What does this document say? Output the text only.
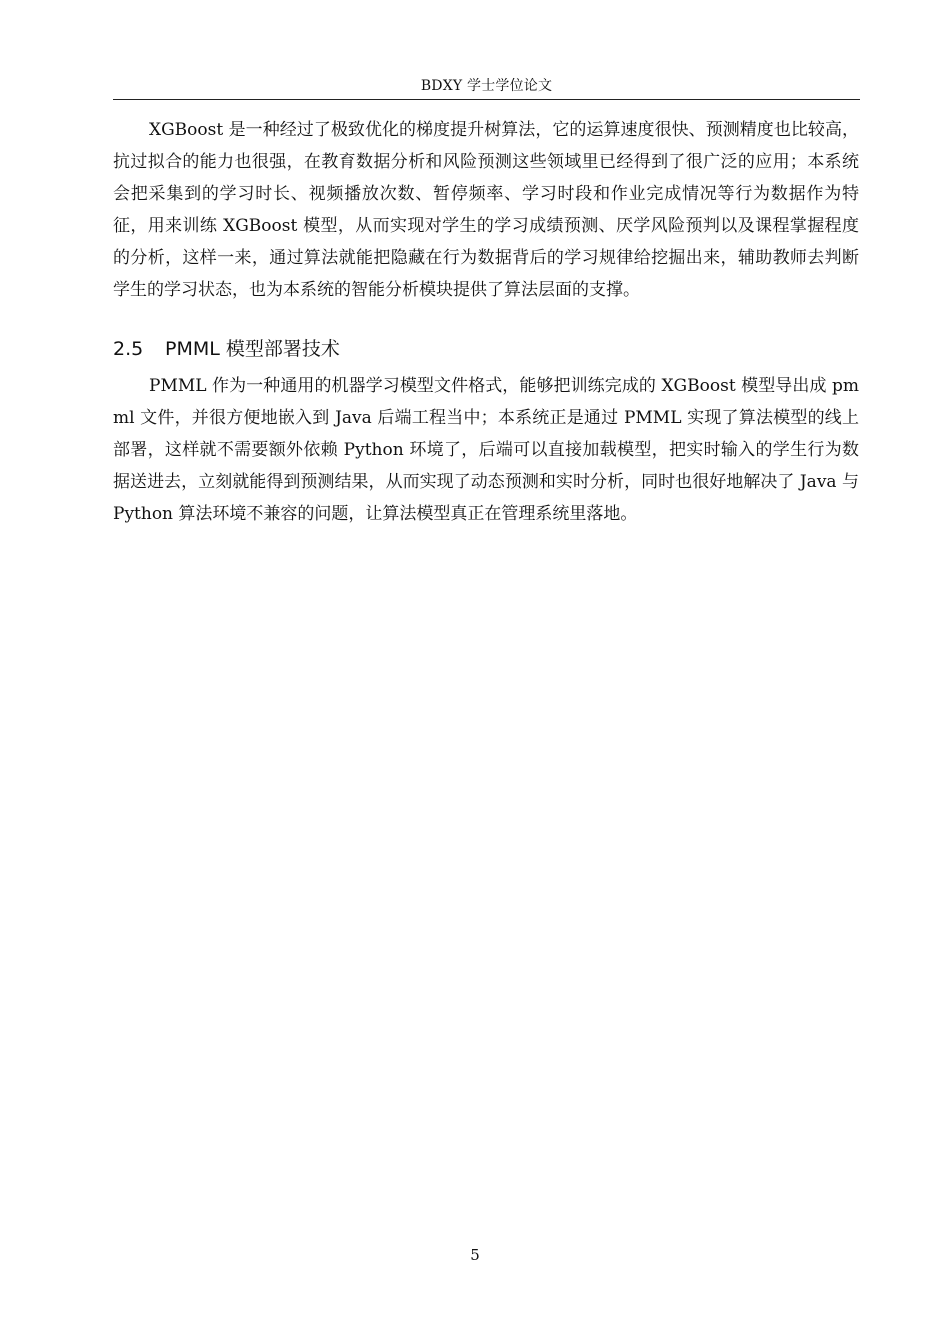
BDXY 学士学位论文

XGBoost 是一种经过了极致优化的梯度提升树算法，它的运算速度很快、预测精度也比较高，抗过拟合的能力也很强，在教育数据分析和风险预测这些领域里已经得到了很广泛的应用；本系统会把采集到的学习时长、视频播放次数、暂停频率、学习时段和作业完成情况等行为数据作为特征，用来训练 XGBoost 模型，从而实现对学生的学习成绩预测、厌学风险预判以及课程掌握程度的分析，这样一来，通过算法就能把隐藏在行为数据背后的学习规律给挖掘出来，辅助教师去判断学生的学习状态，也为本系统的智能分析模块提供了算法层面的支撑。

2.5 PMML 模型部署技术

PMML 作为一种通用的机器学习模型文件格式，能够把训练完成的 XGBoost 模型导出成 pmml 文件，并很方便地嵌入到 Java 后端工程当中；本系统正是通过 PMML 实现了算法模型的线上部署，这样就不需要额外依赖 Python 环境了，后端可以直接加载模型，把实时输入的学生行为数据送进去，立刻就能得到预测结果，从而实现了动态预测和实时分析，同时也很好地解决了 Java 与 Python 算法环境不兼容的问题，让算法模型真正在管理系统里落地。

5
